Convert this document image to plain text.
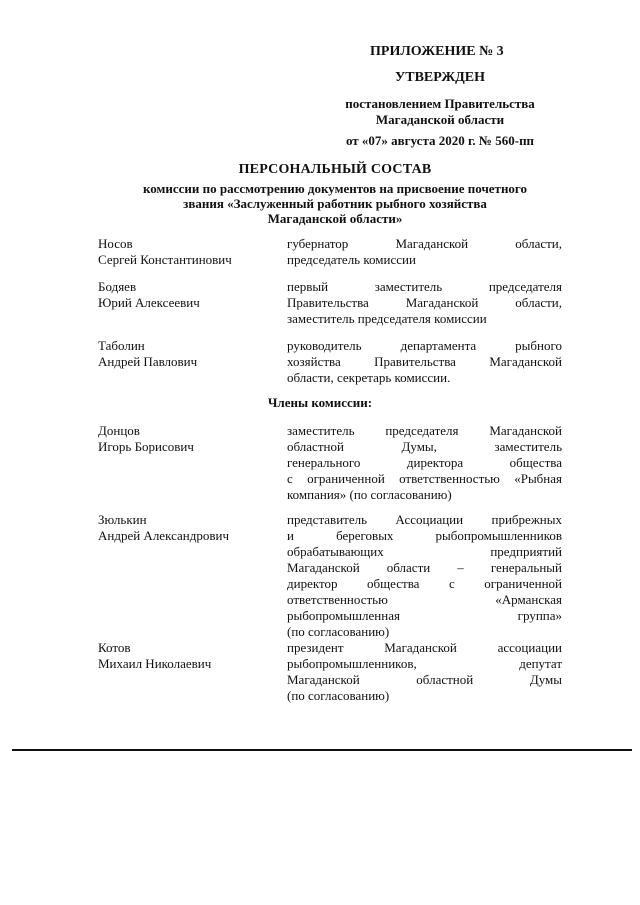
ПРИЛОЖЕНИЕ № 3
УТВЕРЖДЕН
постановлением Правительства
Магаданской области
от «07» августа 2020 г. № 560-пп
ПЕРСОНАЛЬНЫЙ СОСТАВ
комиссии по рассмотрению документов на присвоение почетного
звания «Заслуженный работник рыбного хозяйства
Магаданской области»
Носов
Сергей Константинович
губернатор Магаданской области,
председатель комиссии
Бодяев
Юрий Алексеевич
первый заместитель председателя
Правительства Магаданской области,
заместитель председателя комиссии
Таболин
Андрей Павлович
руководитель департамента рыбного
хозяйства Правительства Магаданской
области, секретарь комиссии.
Члены комиссии:
Донцов
Игорь Борисович
заместитель председателя Магаданской
областной Думы, заместитель
генерального директора общества
с ограниченной ответственностью «Рыбная
компания» (по согласованию)
Зюлькин
Андрей Александрович
представитель Ассоциации прибрежных
и береговых рыбопромышленников
обрабатывающих предприятий
Магаданской области – генеральный
директор общества с ограниченной
ответственностью «Арманская
рыбопромышленная группа»
(по согласованию)
Котов
Михаил Николаевич
президент Магаданской ассоциации
рыбопромышленников, депутат
Магаданской областной Думы
(по согласованию)
